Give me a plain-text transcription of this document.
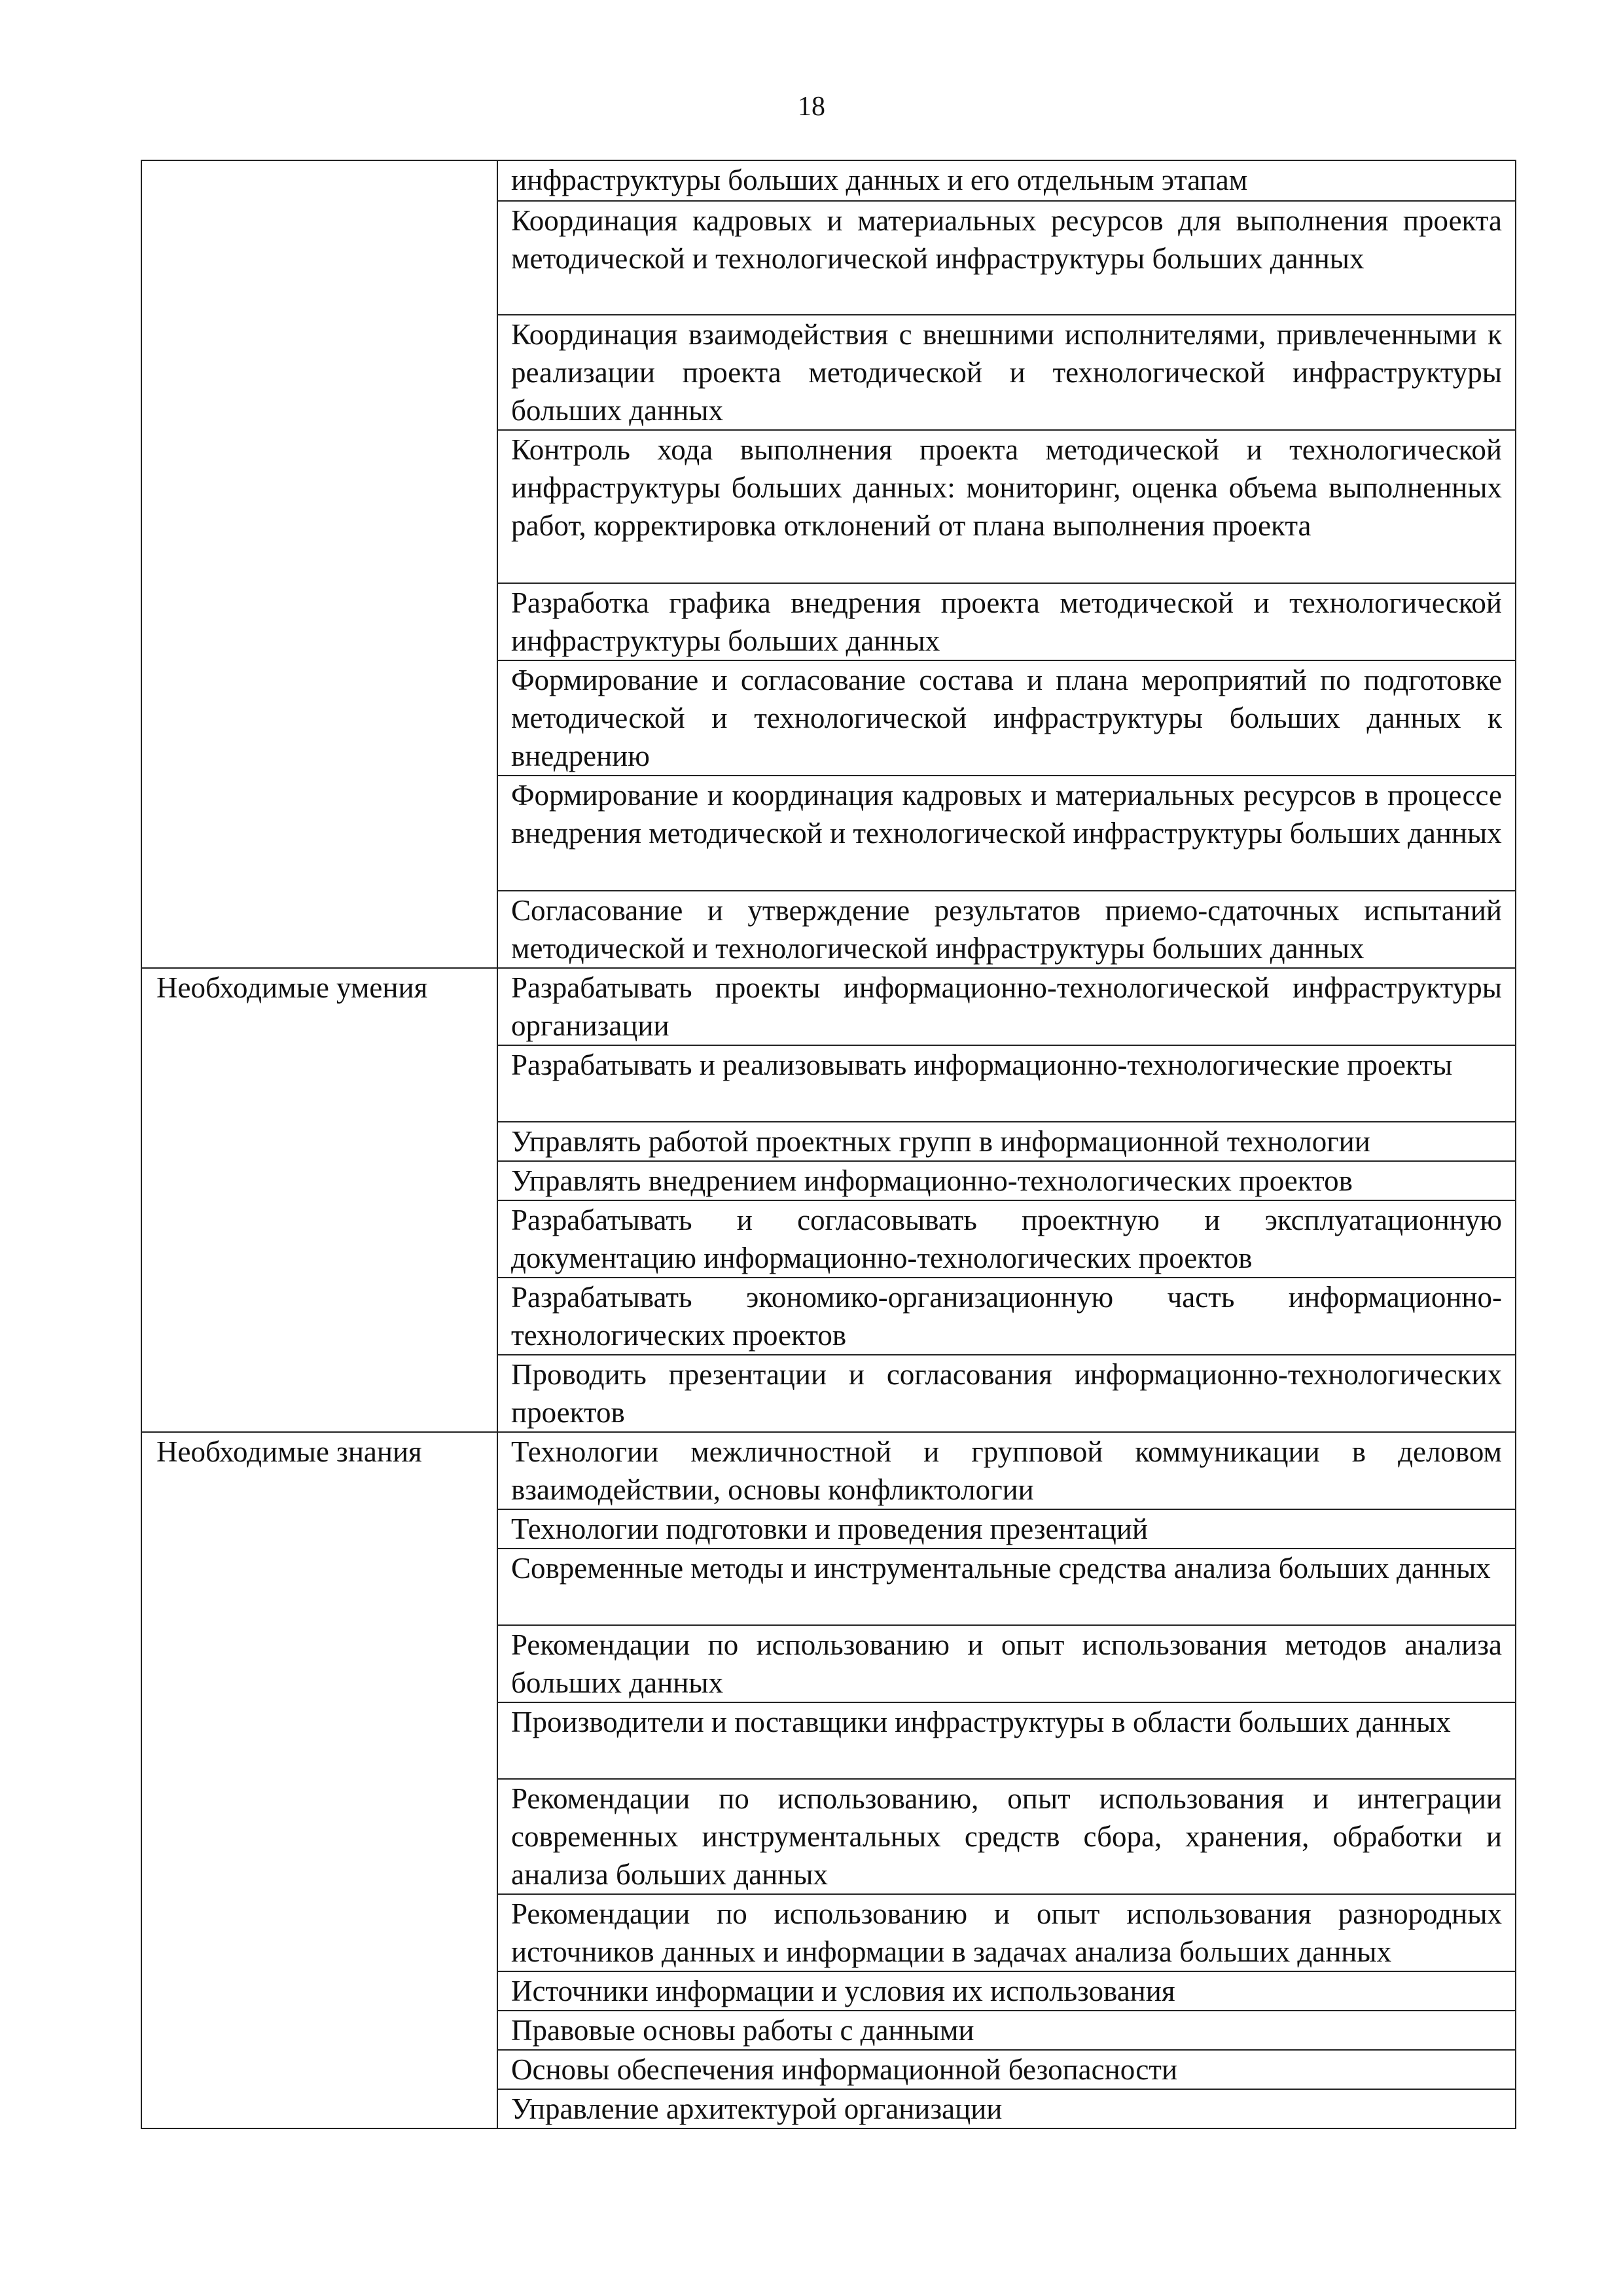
18
	инфраструктуры больших данных и его отдельным этапам
	Координация кадровых и материальных ресурсов для выполнения проекта методической и технологической инфраструктуры больших данных
	Координация взаимодействия с внешними исполнителями, привлеченными к реализации проекта методической и технологической инфраструктуры больших данных
	Контроль хода выполнения проекта методической и технологической инфраструктуры больших данных: мониторинг, оценка объема выполненных работ, корректировка отклонений от плана выполнения проекта
	Разработка графика внедрения проекта методической и технологической инфраструктуры больших данных
	Формирование и согласование состава и плана мероприятий по подготовке методической и технологической инфраструктуры больших данных к внедрению
	Формирование и координация кадровых и материальных ресурсов в процессе внедрения методической и технологической инфраструктуры больших данных
	Согласование и утверждение результатов приемо-сдаточных испытаний методической и технологической инфраструктуры больших данных
Необходимые умения	Разрабатывать проекты информационно-технологической инфраструктуры организации
	Разрабатывать и реализовывать информационно-технологические проекты
	Управлять работой проектных групп в информационной технологии
	Управлять внедрением информационно-технологических проектов
	Разрабатывать и согласовывать проектную и эксплуатационную документацию информационно-технологических проектов
	Разрабатывать экономико-организационную часть информационно-технологических проектов
	Проводить презентации и согласования информационно-технологических проектов
Необходимые знания	Технологии межличностной и групповой коммуникации в деловом взаимодействии, основы конфликтологии
	Технологии подготовки и проведения презентаций
	Современные методы и инструментальные средства анализа больших данных
	Рекомендации по использованию и опыт использования методов анализа больших данных
	Производители и поставщики инфраструктуры в области больших данных
	Рекомендации по использованию, опыт использования и интеграции современных инструментальных средств сбора, хранения, обработки и анализа больших данных
	Рекомендации по использованию и опыт использования разнородных источников данных и информации в задачах анализа больших данных
	Источники информации и условия их использования
	Правовые основы работы с данными
	Основы обеспечения информационной безопасности
	Управление архитектурой организации
